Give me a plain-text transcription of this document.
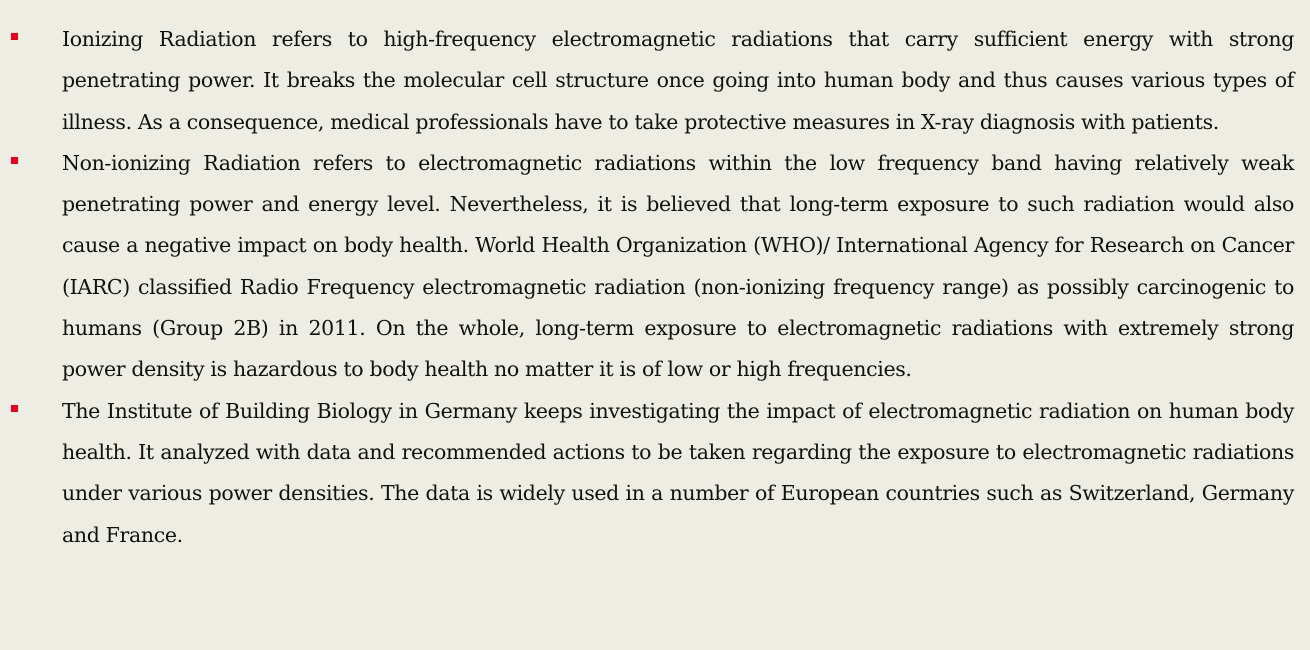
Ionizing Radiation refers to high-frequency electromagnetic radiations that carry sufficient energy with strong penetrating power. It breaks the molecular cell structure once going into human body and thus causes various types of illness. As a consequence, medical professionals have to take protective measures in X-ray diagnosis with patients.

Non-ionizing Radiation refers to electromagnetic radiations within the low frequency band having relatively weak penetrating power and energy level. Nevertheless, it is believed that long-term exposure to such radiation would also cause a negative impact on body health. World Health Organization (WHO)/ International Agency for Research on Cancer (IARC) classified Radio Frequency electromagnetic radiation (non-ionizing frequency range) as possibly carcinogenic to humans (Group 2B) in 2011. On the whole, long-term exposure to electromagnetic radiations with extremely strong power density is hazardous to body health no matter it is of low or high frequencies.

The Institute of Building Biology in Germany keeps investigating the impact of electromagnetic radiation on human body health. It analyzed with data and recommended actions to be taken regarding the exposure to electromagnetic radiations under various power densities. The data is widely used in a number of European countries such as Switzerland, Germany and France.
